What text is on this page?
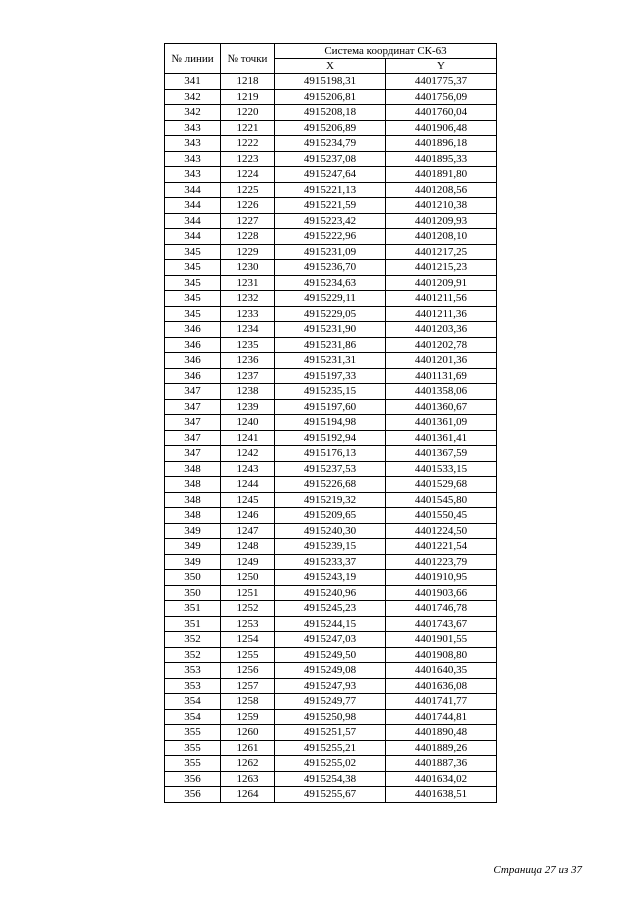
№ линии	№ точки	Система координат СК-63	
		X	Y
341	1218	4915198,31	4401775,37
342	1219	4915206,81	4401756,09
342	1220	4915208,18	4401760,04
343	1221	4915206,89	4401906,48
343	1222	4915234,79	4401896,18
343	1223	4915237,08	4401895,33
343	1224	4915247,64	4401891,80
344	1225	4915221,13	4401208,56
344	1226	4915221,59	4401210,38
344	1227	4915223,42	4401209,93
344	1228	4915222,96	4401208,10
345	1229	4915231,09	4401217,25
345	1230	4915236,70	4401215,23
345	1231	4915234,63	4401209,91
345	1232	4915229,11	4401211,56
345	1233	4915229,05	4401211,36
346	1234	4915231,90	4401203,36
346	1235	4915231,86	4401202,78
346	1236	4915231,31	4401201,36
346	1237	4915197,33	4401131,69
347	1238	4915235,15	4401358,06
347	1239	4915197,60	4401360,67
347	1240	4915194,98	4401361,09
347	1241	4915192,94	4401361,41
347	1242	4915176,13	4401367,59
348	1243	4915237,53	4401533,15
348	1244	4915226,68	4401529,68
348	1245	4915219,32	4401545,80
348	1246	4915209,65	4401550,45
349	1247	4915240,30	4401224,50
349	1248	4915239,15	4401221,54
349	1249	4915233,37	4401223,79
350	1250	4915243,19	4401910,95
350	1251	4915240,96	4401903,66
351	1252	4915245,23	4401746,78
351	1253	4915244,15	4401743,67
352	1254	4915247,03	4401901,55
352	1255	4915249,50	4401908,80
353	1256	4915249,08	4401640,35
353	1257	4915247,93	4401636,08
354	1258	4915249,77	4401741,77
354	1259	4915250,98	4401744,81
355	1260	4915251,57	4401890,48
355	1261	4915255,21	4401889,26
355	1262	4915255,02	4401887,36
356	1263	4915254,38	4401634,02
356	1264	4915255,67	4401638,51
Страница 27 из 37
